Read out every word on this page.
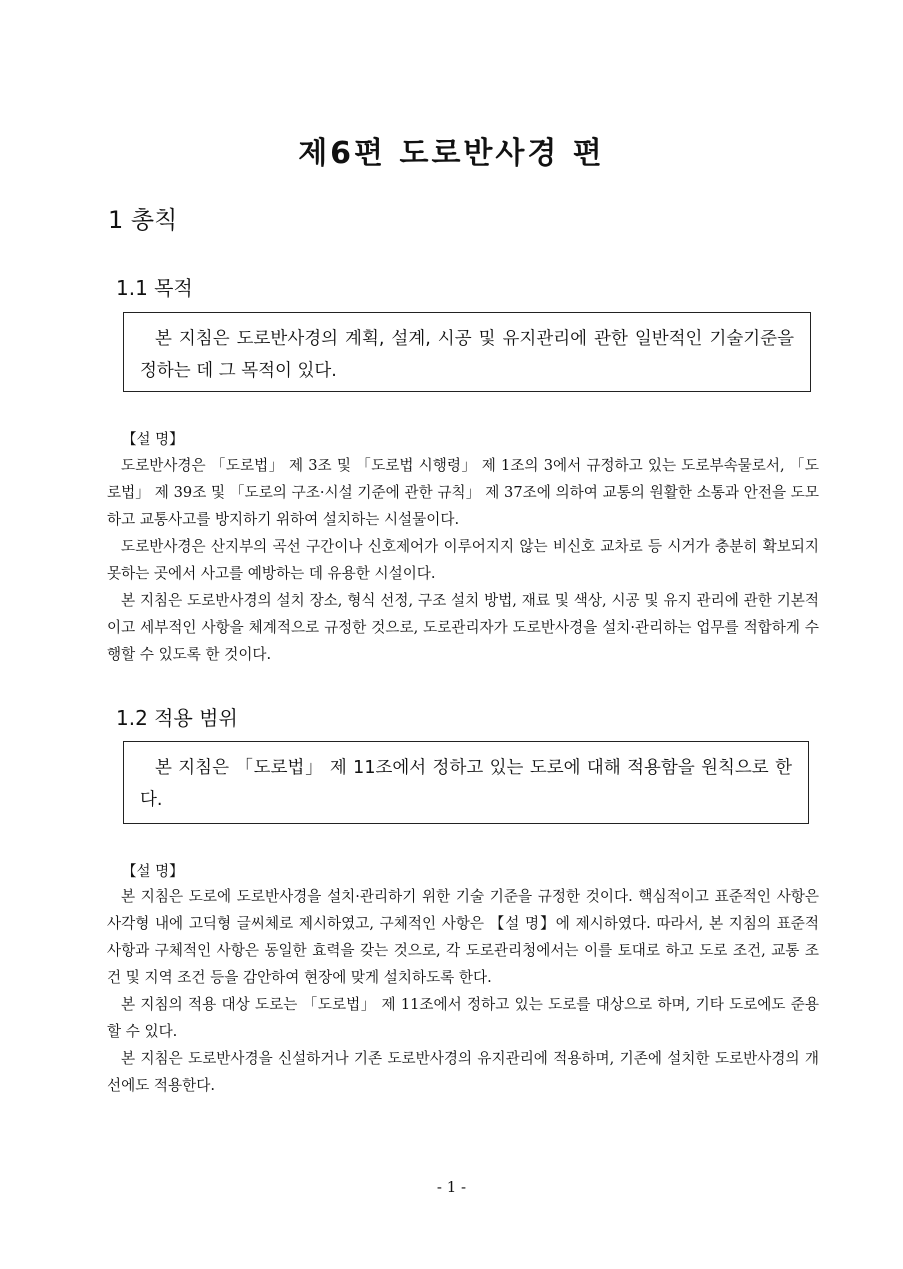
제6편 도로반사경 편
1 총칙
1.1 목적

본 지침은 도로반사경의 계획, 설계, 시공 및 유지관리에 관한 일반적인 기술기준을 정하는 데 그 목적이 있다.

【설 명】

도로반사경은 「도로법」 제 3조 및 「도로법 시행령」 제 1조의 3에서 규정하고 있는 도로부속물로서, 「도로법」 제 39조 및 「도로의 구조·시설 기준에 관한 규칙」 제 37조에 의하여 교통의 원활한 소통과 안전을 도모하고 교통사고를 방지하기 위하여 설치하는 시설물이다.

도로반사경은 산지부의 곡선 구간이나 신호제어가 이루어지지 않는 비신호 교차로 등 시거가 충분히 확보되지 못하는 곳에서 사고를 예방하는 데 유용한 시설이다.

본 지침은 도로반사경의 설치 장소, 형식 선정, 구조 설치 방법, 재료 및 색상, 시공 및 유지 관리에 관한 기본적이고 세부적인 사항을 체계적으로 규정한 것으로, 도로관리자가 도로반사경을 설치·관리하는 업무를 적합하게 수행할 수 있도록 한 것이다.

1.2 적용 범위

본 지침은 「도로법」 제 11조에서 정하고 있는 도로에 대해 적용함을 원칙으로 한다.

【설 명】

본 지침은 도로에 도로반사경을 설치·관리하기 위한 기술 기준을 규정한 것이다. 핵심적이고 표준적인 사항은 사각형 내에 고딕형 글씨체로 제시하였고, 구체적인 사항은 【설 명】에 제시하였다. 따라서, 본 지침의 표준적 사항과 구체적인 사항은 동일한 효력을 갖는 것으로, 각 도로관리청에서는 이를 토대로 하고 도로 조건, 교통 조건 및 지역 조건 등을 감안하여 현장에 맞게 설치하도록 한다.

본 지침의 적용 대상 도로는 「도로법」 제 11조에서 정하고 있는 도로를 대상으로 하며, 기타 도로에도 준용할 수 있다.

본 지침은 도로반사경을 신설하거나 기존 도로반사경의 유지관리에 적용하며, 기존에 설치한 도로반사경의 개선에도 적용한다.

- 1 -
